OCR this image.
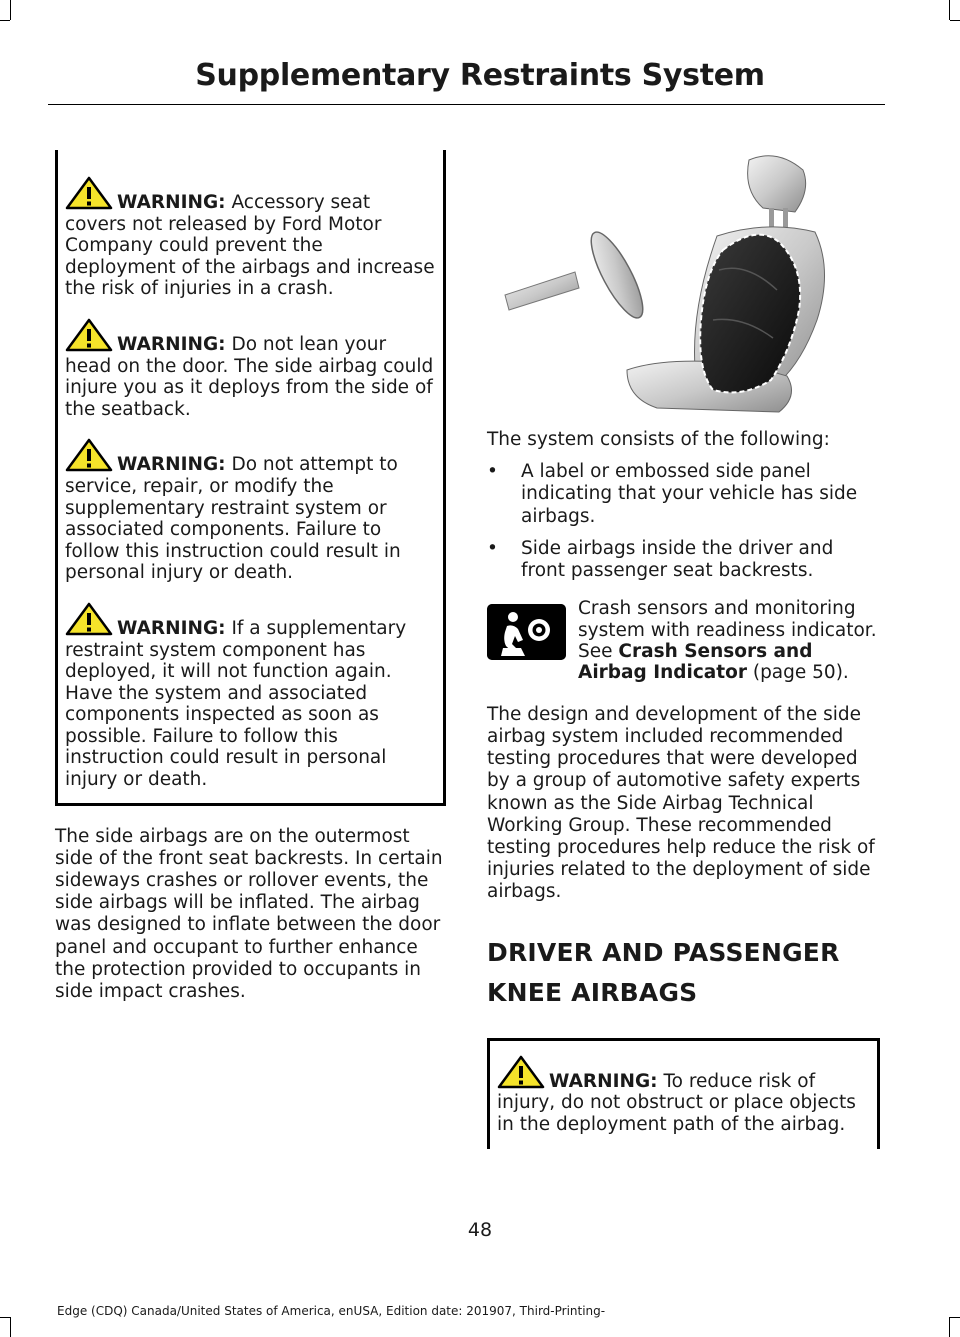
Supplementary Restraints System

WARNING: Accessory seat covers not released by Ford Motor Company could prevent the deployment of the airbags and increase the risk of injuries in a crash.

WARNING: Do not lean your head on the door. The side airbag could injure you as it deploys from the side of the seatback.

WARNING: Do not attempt to service, repair, or modify the supplementary restraint system or associated components. Failure to follow this instruction could result in personal injury or death.

WARNING: If a supplementary restraint system component has deployed, it will not function again. Have the system and associated components inspected as soon as possible. Failure to follow this instruction could result in personal injury or death.

The side airbags are on the outermost side of the front seat backrests. In certain sideways crashes or rollover events, the side airbags will be inflated. The airbag was designed to inflate between the door panel and occupant to further enhance the protection provided to occupants in side impact crashes.

The system consists of the following:

• A label or embossed side panel indicating that your vehicle has side airbags.
• Side airbags inside the driver and front passenger seat backrests.
Crash sensors and monitoring system with readiness indicator. See Crash Sensors and Airbag Indicator (page 50).

The design and development of the side airbag system included recommended testing procedures that were developed by a group of automotive safety experts known as the Side Airbag Technical Working Group. These recommended testing procedures help reduce the risk of injuries related to the deployment of side airbags.

DRIVER AND PASSENGER
KNEE AIRBAGS

WARNING: To reduce risk of injury, do not obstruct or place objects in the deployment path of the airbag.

48
Edge (CDQ) Canada/United States of America, enUSA, Edition date: 201907, Third-Printing-
